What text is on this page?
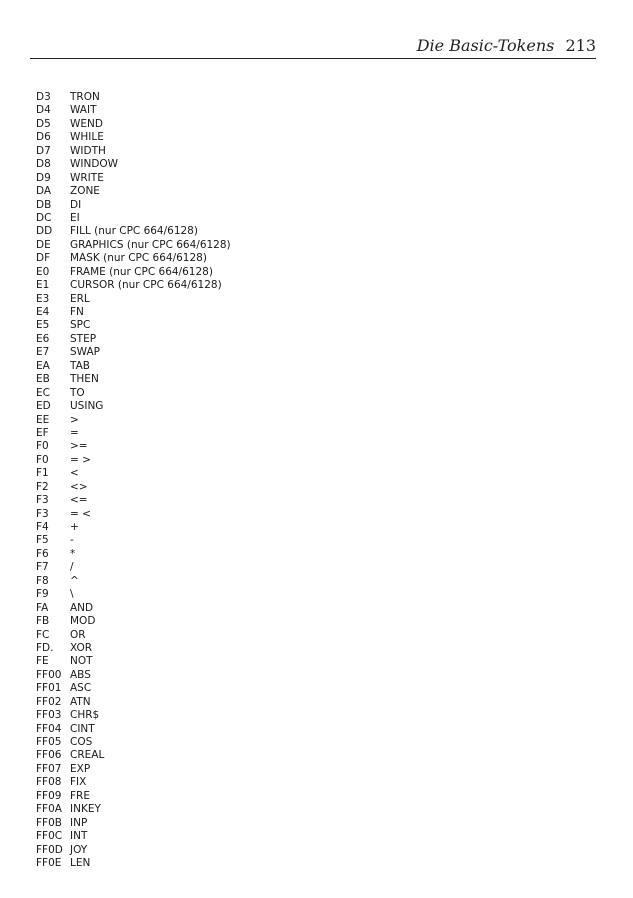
Die Basic-Tokens 213
D3	TRON
D4	WAIT
D5	WEND
D6	WHILE
D7	WIDTH
D8	WINDOW
D9	WRITE
DA	ZONE
DB	DI
DC	EI
DD	FILL (nur CPC 664/6128)
DE	GRAPHICS (nur CPC 664/6128)
DF	MASK (nur CPC 664/6128)
E0	FRAME (nur CPC 664/6128)
E1	CURSOR (nur CPC 664/6128)
E3	ERL
E4	FN
E5	SPC
E6	STEP
E7	SWAP
EA	TAB
EB	THEN
EC	TO
ED	USING
EE	>
EF	=
F0	>=
F0	= >
F1	<
F2	<>
F3	<=
F3	= <
F4	+
F5	-
F6	*
F7	/
F8	^
F9	\
FA	AND
FB	MOD
FC	OR
FD.	XOR
FE	NOT
FF00 ABS
FF01 ASC
FF02 ATN
FF03 CHR$
FF04 CINT
FF05 COS
FF06 CREAL
FF07 EXP
FF08 FIX
FF09 FRE
FF0A INKEY
FF0B INP
FF0C INT
FF0D JOY
FF0E LEN
